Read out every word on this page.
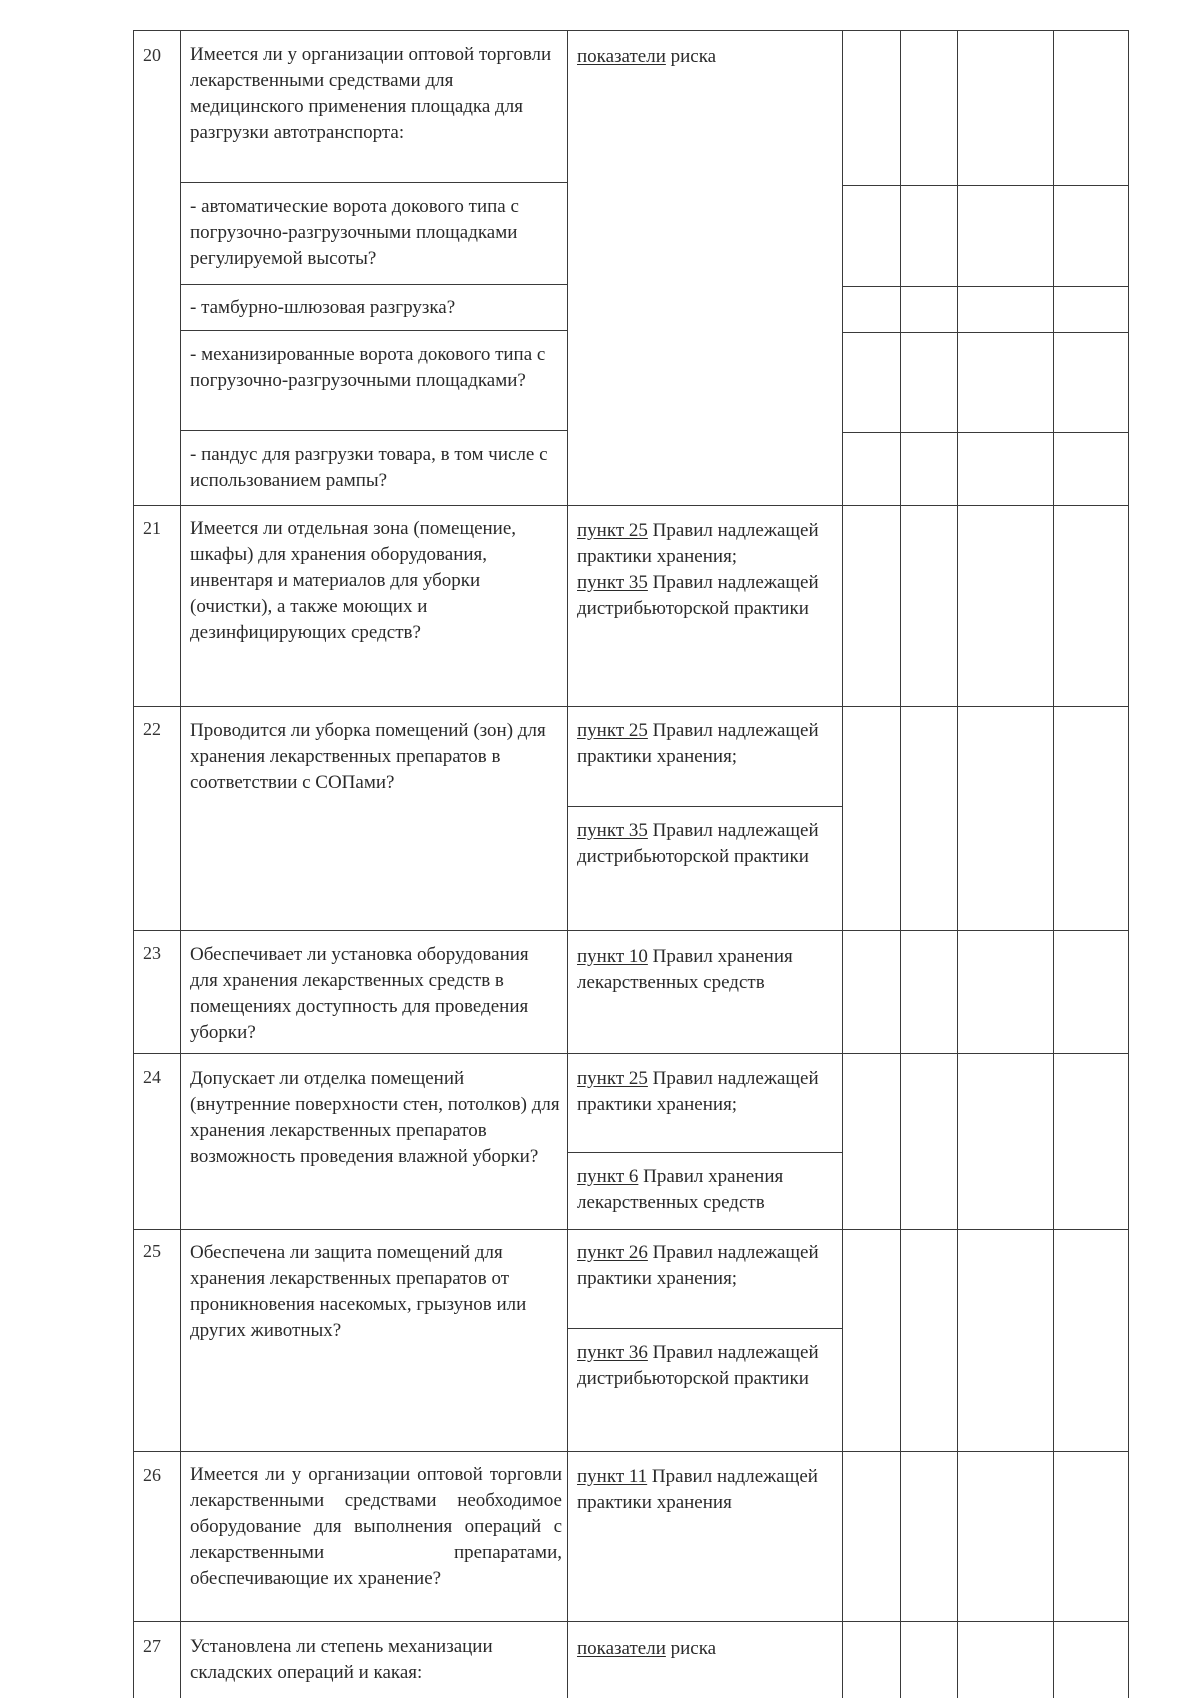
20 Имеется ли у организации оптовой торговли лекарственными средствами для медицинского применения площадка для разгрузки автотранспорта:
- автоматические ворота докового типа с погрузочно-разгрузочными площадками регулируемой высоты?
- тамбурно-шлюзовая разгрузка?
- механизированные ворота докового типа с погрузочно-разгрузочными площадками?
- пандус для разгрузки товара, в том числе с использованием рампы?
показатели риска
21 Имеется ли отдельная зона (помещение, шкафы) для хранения оборудования, инвентаря и материалов для уборки (очистки), а также моющих и дезинфицирующих средств?
пункт 25 Правил надлежащей практики хранения;
пункт 35 Правил надлежащей дистрибьюторской практики
22 Проводится ли уборка помещений (зон) для хранения лекарственных препаратов в соответствии с СОПами?
пункт 25 Правил надлежащей практики хранения;
пункт 35 Правил надлежащей дистрибьюторской практики
23 Обеспечивает ли установка оборудования для хранения лекарственных средств в помещениях доступность для проведения уборки?
пункт 10 Правил хранения лекарственных средств
24 Допускает ли отделка помещений (внутренние поверхности стен, потолков) для хранения лекарственных препаратов возможность проведения влажной уборки?
пункт 25 Правил надлежащей практики хранения;
пункт 6 Правил хранения лекарственных средств
25 Обеспечена ли защита помещений для хранения лекарственных препаратов от проникновения насекомых, грызунов или других животных?
пункт 26 Правил надлежащей практики хранения;
пункт 36 Правил надлежащей дистрибьюторской практики
26 Имеется ли у организации оптовой торговли лекарственными средствами необходимое оборудование для выполнения операций с лекарственными препаратами, обеспечивающие их хранение?
пункт 11 Правил надлежащей практики хранения
27 Установлена ли степень механизации складских операций и какая:
показатели риска
